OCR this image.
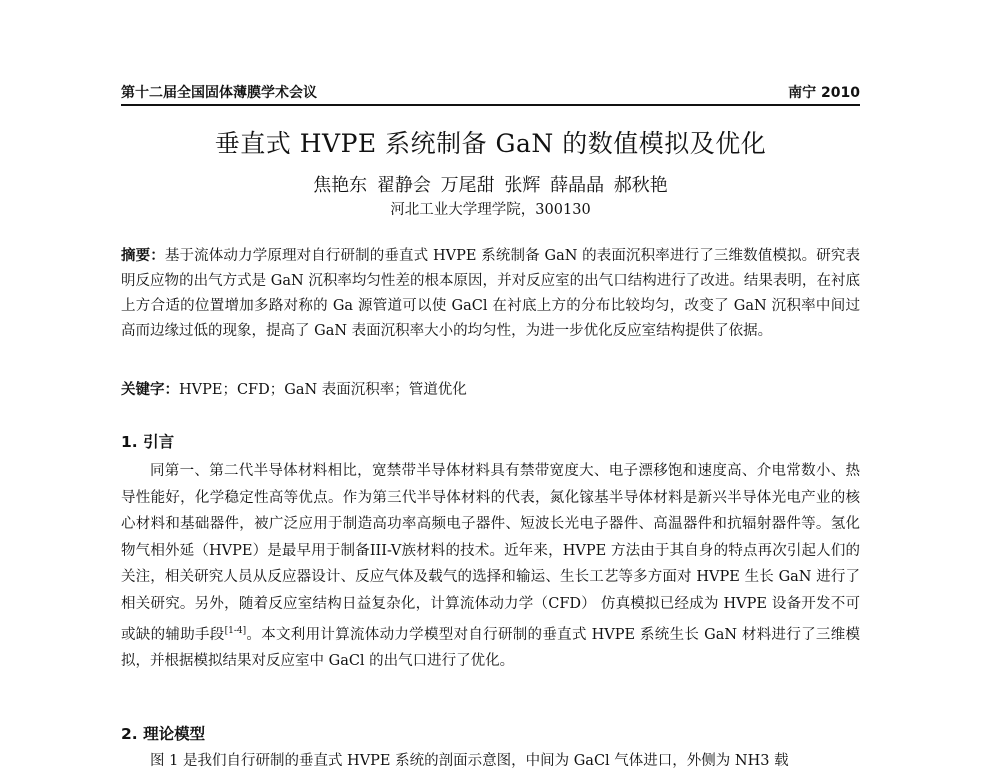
第十二届全国固体薄膜学术会议	南宁 2010
垂直式 HVPE 系统制备 GaN 的数值模拟及优化
焦艳东 翟静会 万尾甜 张辉 薛晶晶 郝秋艳
河北工业大学理学院，300130
摘要：基于流体动力学原理对自行研制的垂直式 HVPE 系统制备 GaN 的表面沉积率进行了三维数值模拟。研究表明反应物的出气方式是 GaN 沉积率均匀性差的根本原因，并对反应室的出气口结构进行了改进。结果表明，在衬底上方合适的位置增加多路对称的 Ga 源管道可以使 GaCl 在衬底上方的分布比较均匀，改变了 GaN 沉积率中间过高而边缘过低的现象，提高了 GaN 表面沉积率大小的均匀性，为进一步优化反应室结构提供了依据。
关键字：HVPE；CFD；GaN 表面沉积率；管道优化
1. 引言
同第一、第二代半导体材料相比，宽禁带半导体材料具有禁带宽度大、电子漂移饱和速度高、介电常数小、热导性能好，化学稳定性高等优点。作为第三代半导体材料的代表，氮化镓基半导体材料是新兴半导体光电产业的核心材料和基础器件，被广泛应用于制造高功率高频电子器件、短波长光电子器件、高温器件和抗辐射器件等。氢化物气相外延（HVPE）是最早用于制备III-V族材料的技术。近年来，HVPE 方法由于其自身的特点再次引起人们的关注，相关研究人员从反应器设计、反应气体及载气的选择和输运、生长工艺等多方面对 HVPE 生长 GaN 进行了相关研究。另外，随着反应室结构日益复杂化，计算流体动力学（CFD） 仿真模拟已经成为 HVPE 设备开发不可或缺的辅助手段[1-4]。本文利用计算流体动力学模型对自行研制的垂直式 HVPE 系统生长 GaN 材料进行了三维模拟，并根据模拟结果对反应室中 GaCl 的出气口进行了优化。
2. 理论模型
图 1 是我们自行研制的垂直式 HVPE 系统的剖面示意图，中间为 GaCl 气体进口，外侧为 NH3 载
